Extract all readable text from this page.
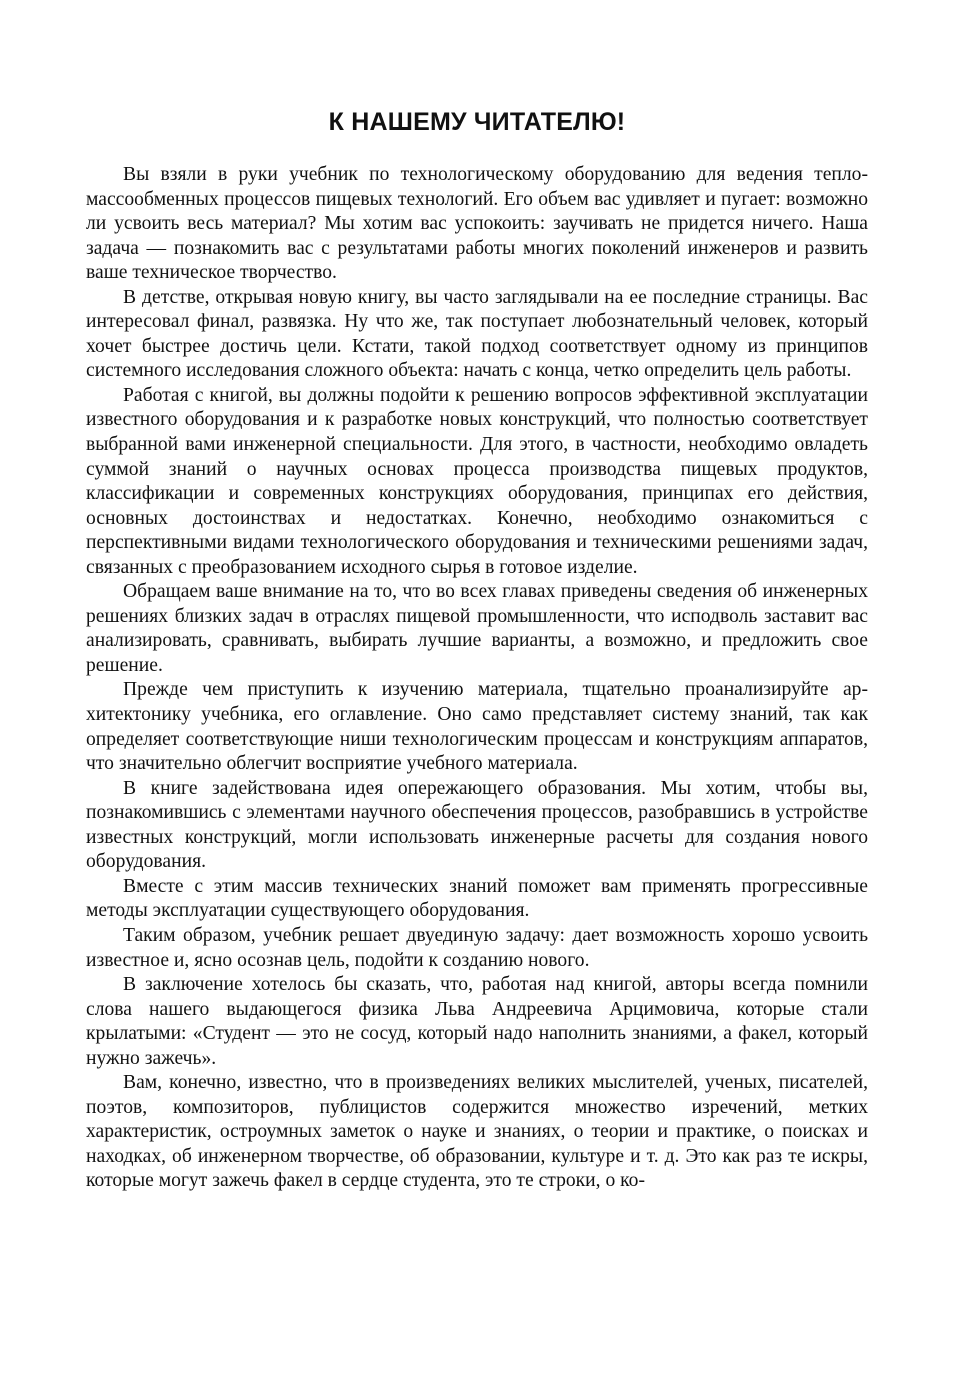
К НАШЕМУ ЧИТАТЕЛЮ!

Вы взяли в руки учебник по технологическому оборудованию для ведения тепломассообменных процессов пищевых технологий. Его объем вас удивляет и пугает: возможно ли усвоить весь материал? Мы хотим вас успокоить: заучивать не придется ничего. Наша задача — познакомить вас с результатами работы многих поколений инженеров и развить ваше техническое творчество.

В детстве, открывая новую книгу, вы часто заглядывали на ее последние страницы. Вас интересовал финал, развязка. Ну что же, так поступает любознательный человек, который хочет быстрее достичь цели. Кстати, такой подход соответствует одному из принципов системного исследования сложного объекта: начать с конца, четко определить цель работы.

Работая с книгой, вы должны подойти к решению вопросов эффективной эксплуатации известного оборудования и к разработке новых конструкций, что полностью соответствует выбранной вами инженерной специальности. Для этого, в частности, необходимо овладеть суммой знаний о научных основах процесса производства пищевых продуктов, классификации и современных конструкциях оборудования, принципах его действия, основных достоинствах и недостатках. Конечно, необходимо ознакомиться с перспективными видами технологического оборудования и техническими решениями задач, связанных с преобразованием исходного сырья в готовое изделие.

Обращаем ваше внимание на то, что во всех главах приведены сведения об инженерных решениях близких задач в отраслях пищевой промышленности, что исподволь заставит вас анализировать, сравнивать, выбирать лучшие варианты, а возможно, и предложить свое решение.

Прежде чем приступить к изучению материала, тщательно проанализируйте архитектонику учебника, его оглавление. Оно само представляет систему знаний, так как определяет соответствующие ниши технологическим процессам и конструкциям аппаратов, что значительно облегчит восприятие учебного материала.

В книге задействована идея опережающего образования. Мы хотим, чтобы вы, познакомившись с элементами научного обеспечения процессов, разобравшись в устройстве известных конструкций, могли использовать инженерные расчеты для создания нового оборудования.

Вместе с этим массив технических знаний поможет вам применять прогрессивные методы эксплуатации существующего оборудования.

Таким образом, учебник решает двуединую задачу: дает возможность хорошо усвоить известное и, ясно осознав цель, подойти к созданию нового.

В заключение хотелось бы сказать, что, работая над книгой, авторы всегда помнили слова нашего выдающегося физика Льва Андреевича Арцимовича, которые стали крылатыми: «Студент — это не сосуд, который надо наполнить знаниями, а факел, который нужно зажечь».

Вам, конечно, известно, что в произведениях великих мыслителей, ученых, писателей, поэтов, композиторов, публицистов содержится множество изречений, метких характеристик, остроумных заметок о науке и знаниях, о теории и практике, о поисках и находках, об инженерном творчестве, об образовании, культуре и т. д. Это как раз те искры, которые могут зажечь факел в сердце студента, это те строки, о ко-
